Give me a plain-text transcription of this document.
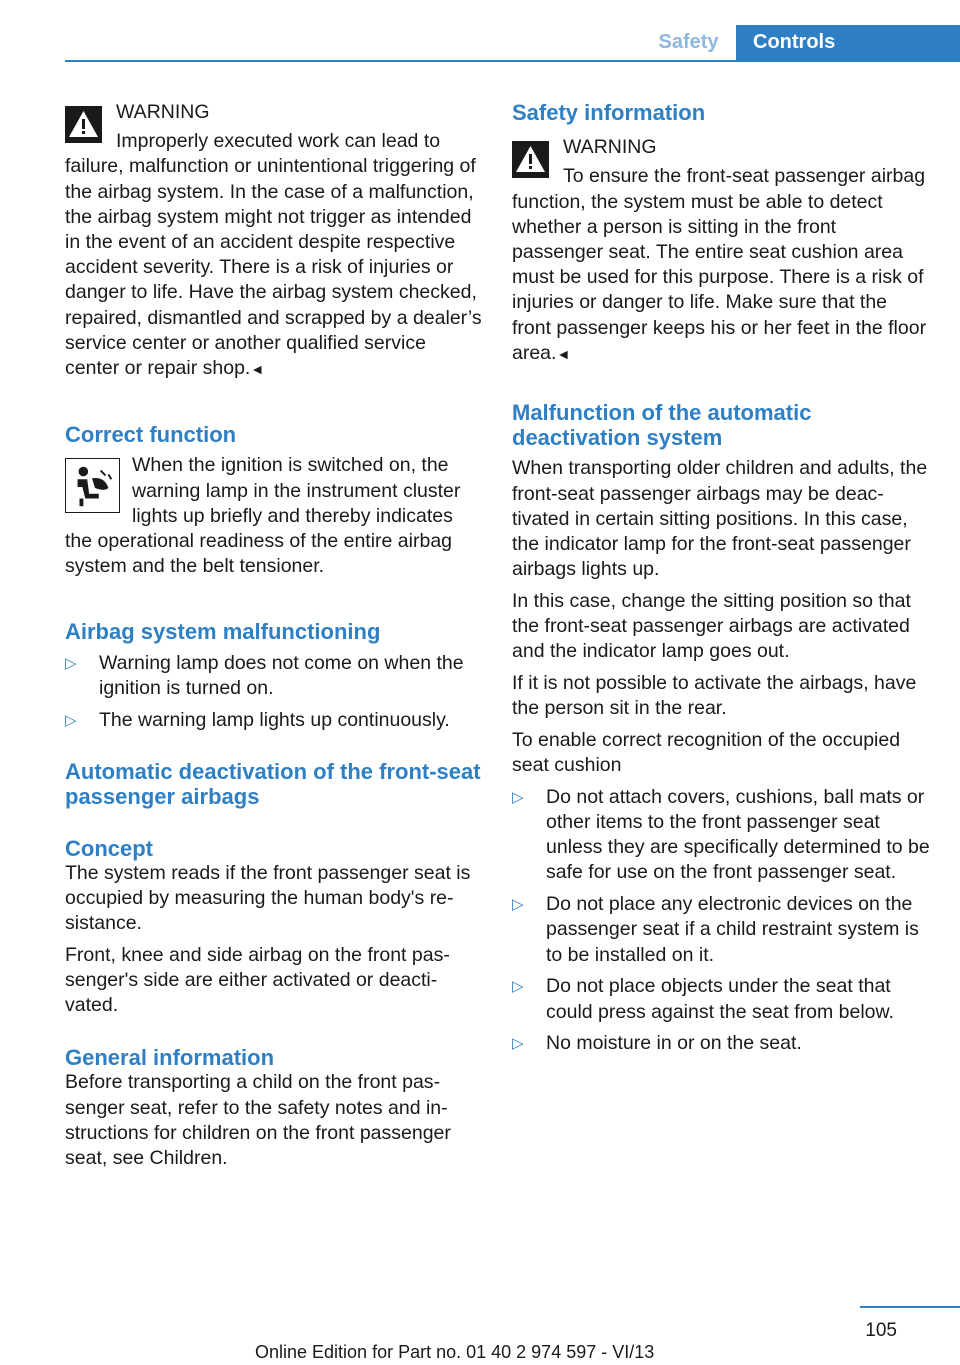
Safety	Controls

WARNING

Improperly executed work can lead to failure, malfunction or unintentional triggering of the airbag system. In the case of a malfunction, the airbag system might not trigger as intended in the event of an accident despite respective accident severity. There is a risk of injuries or danger to life. Have the airbag system checked, repaired, dismantled and scrapped by a dealer’s service center or another qualified service center or repair shop.◄

Correct function

When the ignition is switched on, the warning lamp in the instrument cluster lights up briefly and thereby indicates the operational readiness of the entire airbag system and the belt tensioner.

Airbag system malfunctioning
▷ Warning lamp does not come on when the ignition is turned on.
▷ The warning lamp lights up continuously.
Automatic deactivation of the front-seat passenger airbags
Concept

The system reads if the front passenger seat is occupied by measuring the human body's resistance.

Front, knee and side airbag on the front passenger's side are either activated or deactivated.

General information

Before transporting a child on the front passenger seat, refer to the safety notes and instructions for children on the front passenger seat, see Children.

Safety information

WARNING

To ensure the front-seat passenger airbag function, the system must be able to detect whether a person is sitting in the front passenger seat. The entire seat cushion area must be used for this purpose. There is a risk of injuries or danger to life. Make sure that the front passenger keeps his or her feet in the floor area.◄

Malfunction of the automatic deactivation system

When transporting older children and adults, the front-seat passenger airbags may be deactivated in certain sitting positions. In this case, the indicator lamp for the front-seat passenger airbags lights up.

In this case, change the sitting position so that the front-seat passenger airbags are activated and the indicator lamp goes out.

If it is not possible to activate the airbags, have the person sit in the rear.

To enable correct recognition of the occupied seat cushion

▷ Do not attach covers, cushions, ball mats or other items to the front passenger seat unless they are specifically determined to be safe for use on the front passenger seat.
▷ Do not place any electronic devices on the passenger seat if a child restraint system is to be installed on it.
▷ Do not place objects under the seat that could press against the seat from below.
▷ No moisture in or on the seat.
105
Online Edition for Part no. 01 40 2 974 597 - VI/13
